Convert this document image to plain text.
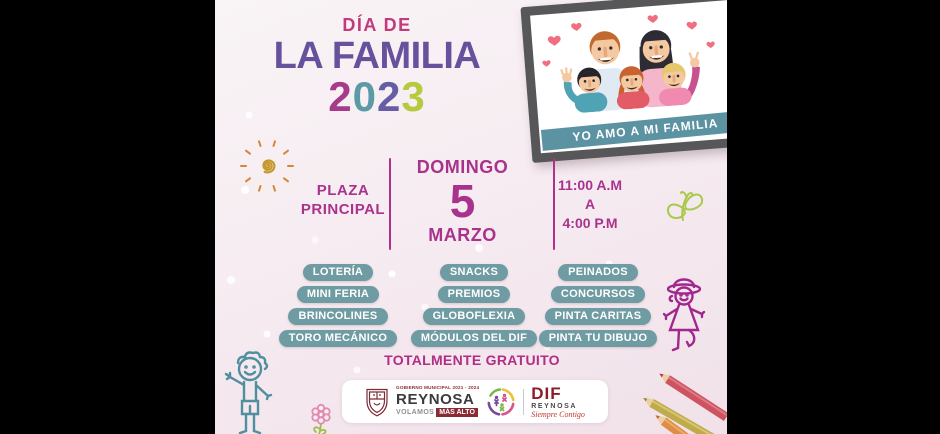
DÍA DE
LA FAMILIA
2023
YO AMO A MI FAMILIA
PLAZA
PRINCIPAL
DOMINGO
5
MARZO
11:00 A.M
A
4:00 P.M
LOTERÍA
MINI FERIA
BRINCOLINES
TORO MECÁNICO
SNACKS
PREMIOS
GLOBOFLEXIA
MÓDULOS DEL DIF
PEINADOS
CONCURSOS
PINTA CARITAS
PINTA TU DIBUJO
TOTALMENTE GRATUITO
GOBIERNO MUNICIPAL 2021 - 2024
REYNOSA
VOLAMOS MÁS ALTO
DIF
REYNOSA
Siempre Contigo
